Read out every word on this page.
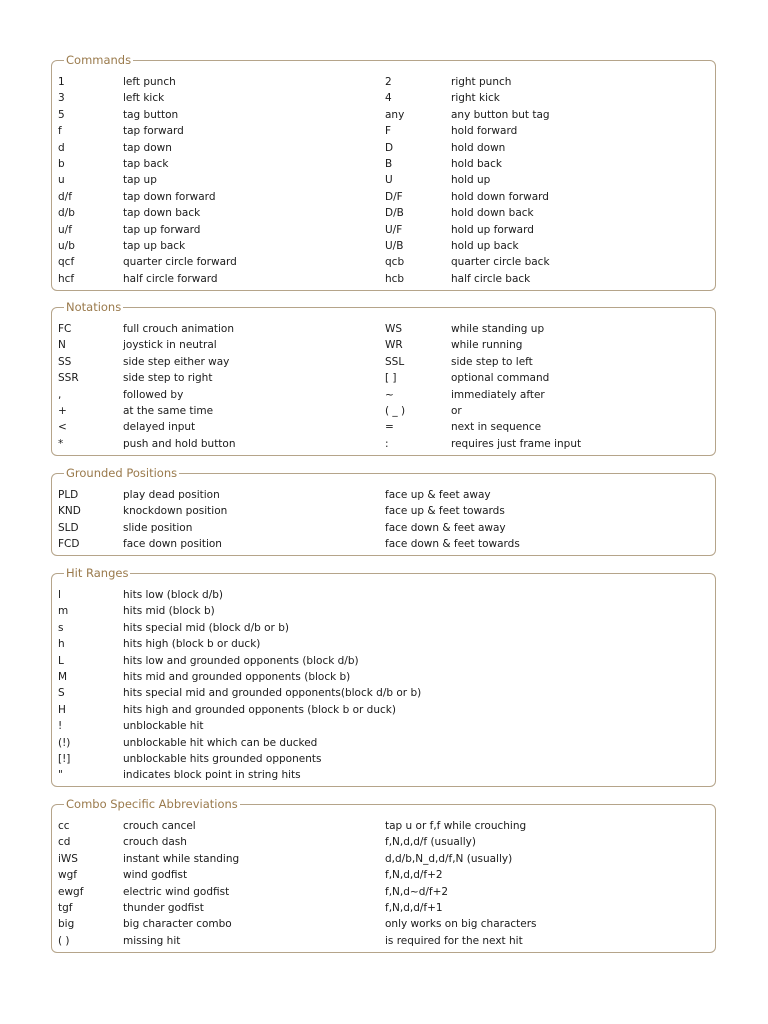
Commands
1	left punch	2	right punch
3	left kick	4	right kick
5	tag button	any	any button but tag
f	tap forward	F	hold forward
d	tap down	D	hold down
b	tap back	B	hold back
u	tap up	U	hold up
d/f	tap down forward	D/F	hold down forward
d/b	tap down back	D/B	hold down back
u/f	tap up forward	U/F	hold up forward
u/b	tap up back	U/B	hold up back
qcf	quarter circle forward	qcb	quarter circle back
hcf	half circle forward	hcb	half circle back
Notations
FC	full crouch animation	WS	while standing up
N	joystick in neutral	WR	while running
SS	side step either way	SSL	side step to left
SSR	side step to right	[ ]	optional command
,	followed by	~	immediately after
+	at the same time	( _ )	or
<	delayed input	=	next in sequence
*	push and hold button	:	requires just frame input
Grounded Positions
PLD	play dead position	face up & feet away
KND	knockdown position	face up & feet towards
SLD	slide position	face down & feet away
FCD	face down position	face down & feet towards
Hit Ranges
l	hits low (block d/b)
m	hits mid (block b)
s	hits special mid (block d/b or b)
h	hits high (block b or duck)
L	hits low and grounded opponents (block d/b)
M	hits mid and grounded opponents (block b)
S	hits special mid and grounded opponents(block d/b or b)
H	hits high and grounded opponents (block b or duck)
!	unblockable hit
(!)	unblockable hit which can be ducked
[!]	unblockable hits grounded opponents
"	indicates block point in string hits
Combo Specific Abbreviations
cc	crouch cancel	tap u or f,f while crouching
cd	crouch dash	f,N,d,d/f (usually)
iWS	instant while standing	d,d/b,N_d,d/f,N (usually)
wgf	wind godfist	f,N,d,d/f+2
ewgf	electric wind godfist	f,N,d~d/f+2
tgf	thunder godfist	f,N,d,d/f+1
big	big character combo	only works on big characters
( )	missing hit	is required for the next hit
